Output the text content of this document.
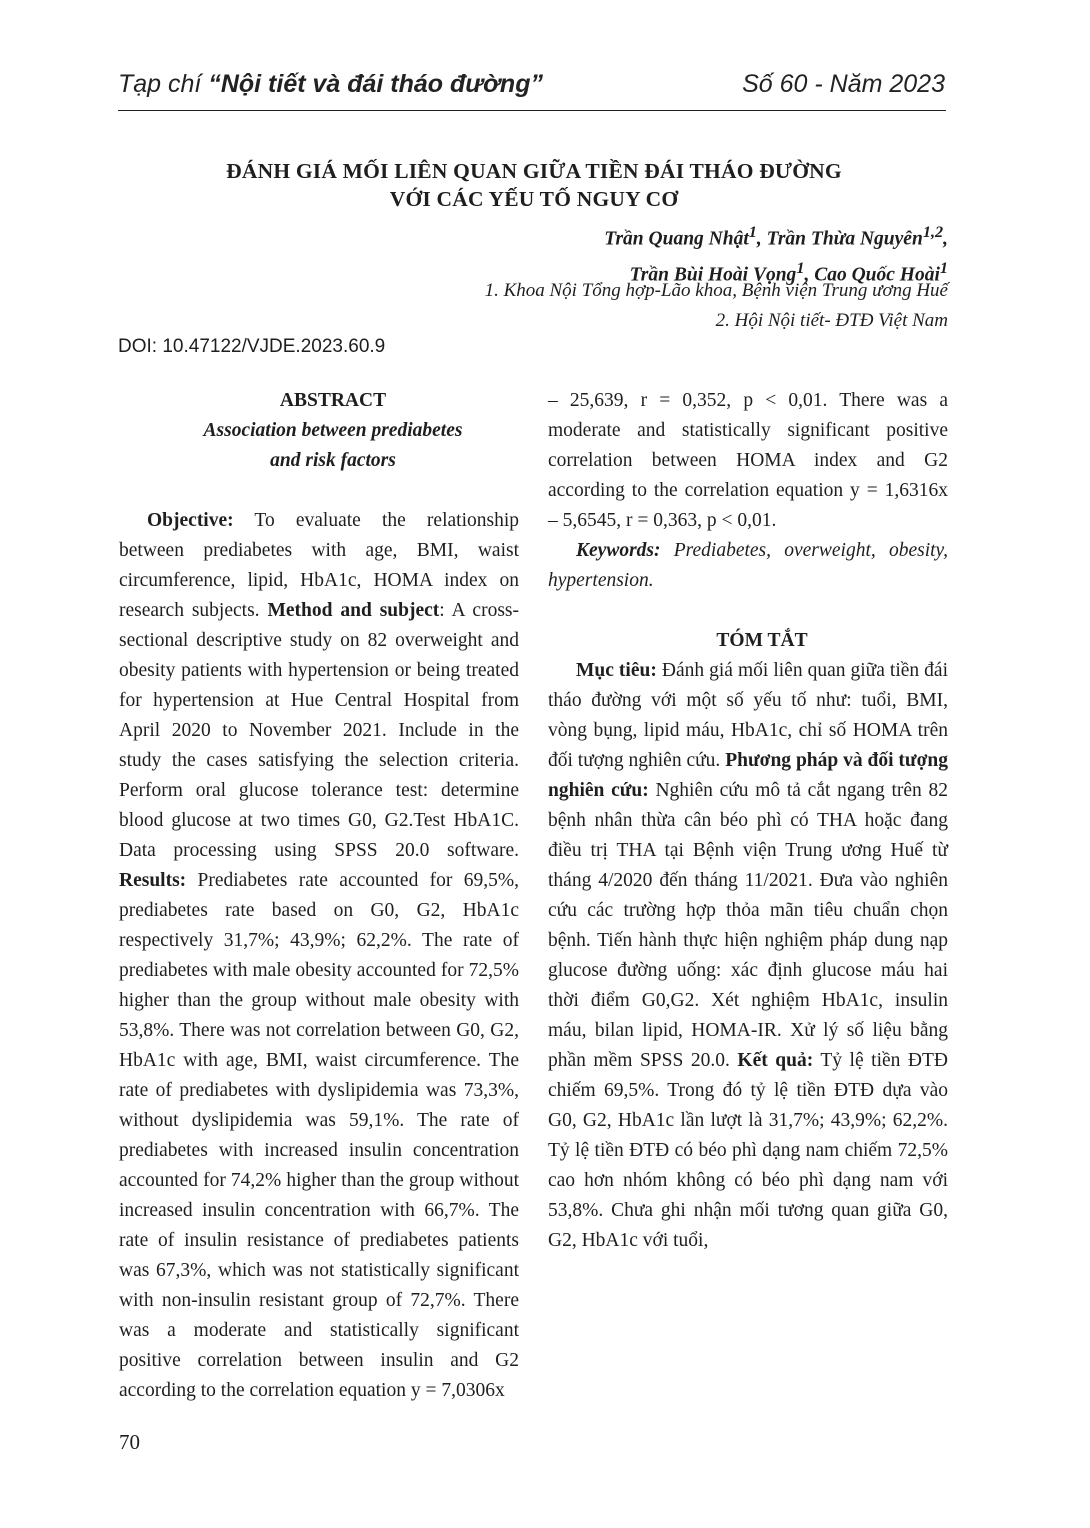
Tạp chí “Nội tiết và đái tháo đường”	Số 60 - Năm 2023
ĐÁNH GIÁ MỐI LIÊN QUAN GIỮA TIỀN ĐÁI THÁO ĐƯỜNG
VỚI CÁC YẾU TỐ NGUY CƠ
Trần Quang Nhật$^1$, Trần Thừa Nguyên$^{1,2}$,
Trần Bùi Hoài Vọng$^1$, Cao Quốc Hoài$^1$
1. Khoa Nội Tổng hợp-Lão khoa, Bệnh viện Trung ương Huế
2. Hội Nội tiết- ĐTĐ Việt Nam
DOI: 10.47122/VJDE.2023.60.9

ABSTRACT

Association between prediabetes

and risk factors

Objective: To evaluate the relationship between prediabetes with age, BMI, waist circumference, lipid, HbA1c, HOMA index on research subjects. Method and subject: A cross-sectional descriptive study on 82 overweight and obesity patients with hypertension or being treated for hypertension at Hue Central Hospital from April 2020 to November 2021. Include in the study the cases satisfying the selection criteria. Perform oral glucose tolerance test: determine blood glucose at two times G0, G2.Test HbA1C. Data processing using SPSS 20.0 software. Results: Prediabetes rate accounted for 69,5%, prediabetes rate based on G0, G2, HbA1c respectively 31,7%; 43,9%; 62,2%. The rate of prediabetes with male obesity accounted for 72,5% higher than the group without male obesity with 53,8%. There was not correlation between G0, G2, HbA1c with age, BMI, waist circumference. The rate of prediabetes with dyslipidemia was 73,3%, without dyslipidemia was 59,1%. The rate of prediabetes with increased insulin concentration accounted for 74,2% higher than the group without increased insulin concentration with 66,7%. The rate of insulin resistance of prediabetes patients was 67,3%, which was not statistically significant with non-insulin resistant group of 72,7%. There was a moderate and statistically significant positive correlation between insulin and G2 according to the correlation equation y = 7,0306x

– 25,639, r = 0,352, p < 0,01. There was a moderate and statistically significant positive correlation between HOMA index and G2 according to the correlation equation y = 1,6316x – 5,6545, r = 0,363, p < 0,01.

Keywords: Prediabetes, overweight, obesity, hypertension.

TÓM TẮT

Mục tiêu: Đánh giá mối liên quan giữa tiền đái tháo đường với một số yếu tố như: tuổi, BMI, vòng bụng, lipid máu, HbA1c, chỉ số HOMA trên đối tượng nghiên cứu. Phương pháp và đối tượng nghiên cứu: Nghiên cứu mô tả cắt ngang trên 82 bệnh nhân thừa cân béo phì có THA hoặc đang điều trị THA tại Bệnh viện Trung ương Huế từ tháng 4/2020 đến tháng 11/2021. Đưa vào nghiên cứu các trường hợp thỏa mãn tiêu chuẩn chọn bệnh. Tiến hành thực hiện nghiệm pháp dung nạp glucose đường uống: xác định glucose máu hai thời điểm G0,G2. Xét nghiệm HbA1c, insulin máu, bilan lipid, HOMA-IR. Xử lý số liệu bằng phần mềm SPSS 20.0. Kết quả: Tỷ lệ tiền ĐTĐ chiếm 69,5%. Trong đó tỷ lệ tiền ĐTĐ dựa vào G0, G2, HbA1c lần lượt là 31,7%; 43,9%; 62,2%. Tỷ lệ tiền ĐTĐ có béo phì dạng nam chiếm 72,5% cao hơn nhóm không có béo phì dạng nam với 53,8%. Chưa ghi nhận mối tương quan giữa G0, G2, HbA1c với tuổi,

70
